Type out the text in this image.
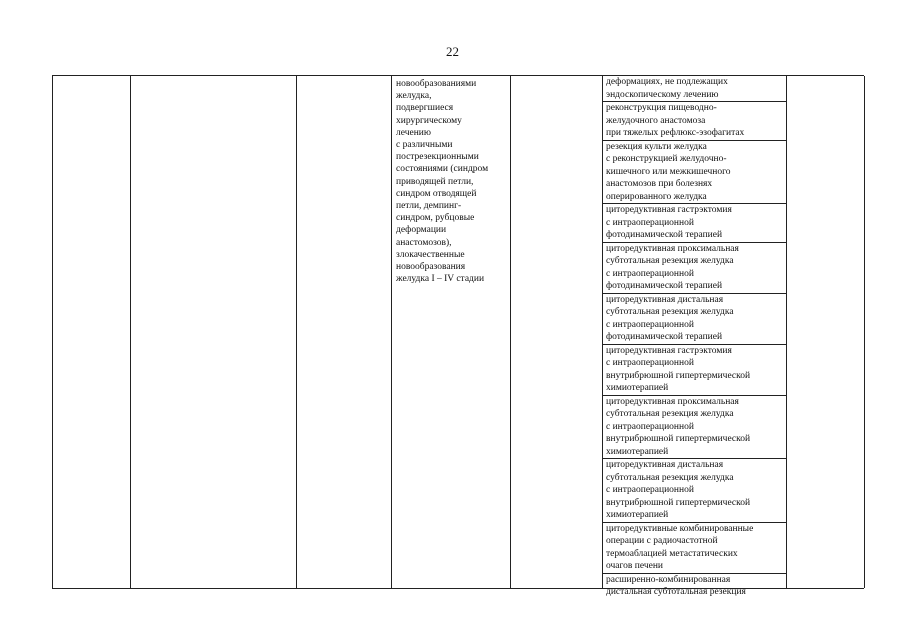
22
новообразованиями
желудка,
подвергшиеся
хирургическому
лечению
с различными
пострезекционными
состояниями (синдром
приводящей петли,
синдром отводящей
петли, демпинг-
синдром, рубцовые
деформации
анастомозов),
злокачественные
новообразования
желудка I – IV стадии
деформациях, не подлежащих
эндоскопическому лечению
реконструкция пищеводно-
желудочного анастомоза
при тяжелых рефлюкс-эзофагитах
резекция культи желудка
с реконструкцией желудочно-
кишечного или межкишечного
анастомозов при болезнях
оперированного желудка
циторедуктивная гастрэктомия
с интраоперационной
фотодинамической терапией
циторедуктивная проксимальная
субтотальная резекция желудка
с интраоперационной
фотодинамической терапией
циторедуктивная дистальная
субтотальная резекция желудка
с интраоперационной
фотодинамической терапией
циторедуктивная гастрэктомия
с интраоперационной
внутрибрюшной гипертермической
химиотерапией
циторедуктивная проксимальная
субтотальная резекция желудка
с интраоперационной
внутрибрюшной гипертермической
химиотерапией
циторедуктивная дистальная
субтотальная резекция желудка
с интраоперационной
внутрибрюшной гипертермической
химиотерапией
циторедуктивные комбинированные
операции с радиочастотной
термоаблацией метастатических
очагов печени
расширенно-комбинированная
дистальная субтотальная резекция
